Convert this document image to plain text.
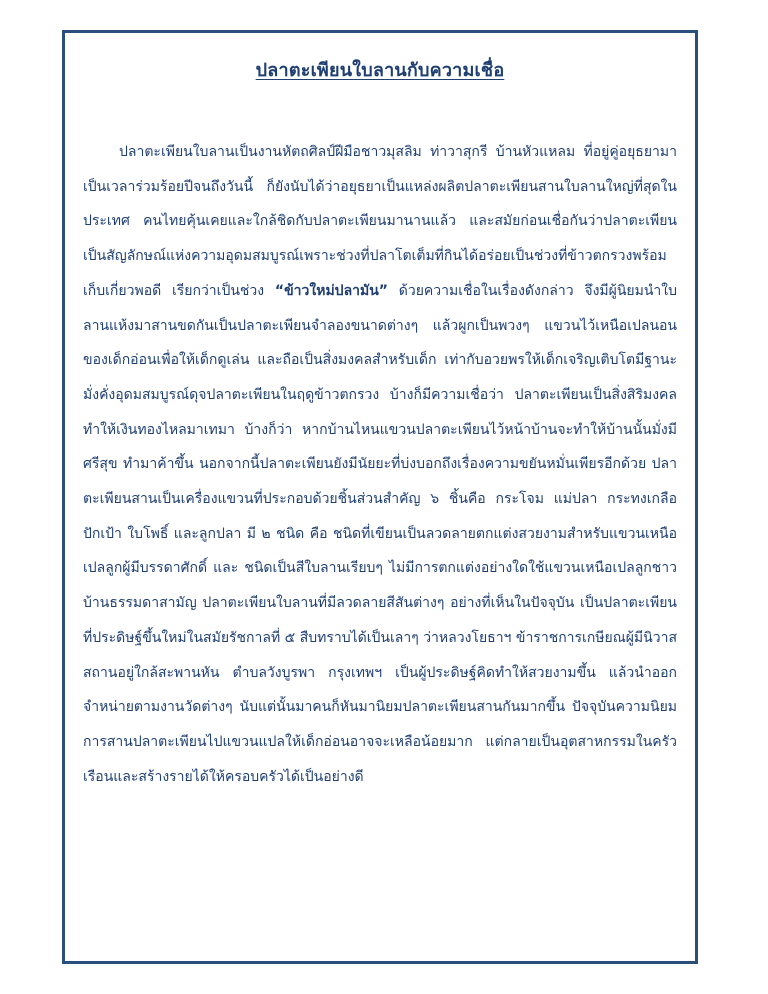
ปลาตะเพียนใบลานกับความเชื่อ

ปลาตะเพียนใบลานเป็นงานหัตถศิลป์ฝีมือชาวมุสลิม ท่าวาสุกรี บ้านหัวแหลม ที่อยู่คู่อยุธยามาเป็นเวลาร่วมร้อยปีจนถึงวันนี้ ก็ยังนับได้ว่าอยุธยาเป็นแหล่งผลิตปลาตะเพียนสานใบลานใหญ่ที่สุดในประเทศ คนไทยคุ้นเคยและใกล้ชิดกับปลาตะเพียนมานานแล้ว และสมัยก่อนเชื่อกันว่าปลาตะเพียนเป็นสัญลักษณ์แห่งความอุดมสมบูรณ์เพราะช่วงที่ปลาโตเต็มที่กินได้อร่อยเป็นช่วงที่ข้าวตกรวงพร้อมเก็บเกี่ยวพอดี เรียกว่าเป็นช่วง “ข้าวใหม่ปลามัน” ด้วยความเชื่อในเรื่องดังกล่าว จึงมีผู้นิยมนำใบลานแห้งมาสานขดกันเป็นปลาตะเพียนจำลองขนาดต่างๆ แล้วผูกเป็นพวงๆ แขวนไว้เหนือเปลนอนของเด็กอ่อนเพื่อให้เด็กดูเล่น และถือเป็นสิ่งมงคลสำหรับเด็ก เท่ากับอวยพรให้เด็กเจริญเติบโตมีฐานะมั่งคั่งอุดมสมบูรณ์ดุจปลาตะเพียนในฤดูข้าวตกรวง บ้างก็มีความเชื่อว่า ปลาตะเพียนเป็นสิ่งสิริมงคล ทำให้เงินทองไหลมาเทมา บ้างก็ว่า หากบ้านไหนแขวนปลาตะเพียนไว้หน้าบ้านจะทำให้บ้านนั้นมั่งมีศรีสุข ทำมาค้าขึ้น นอกจากนี้ปลาตะเพียนยังมีนัยยะที่บ่งบอกถึงเรื่องความขยันหมั่นเพียรอีกด้วย ปลาตะเพียนสานเป็นเครื่องแขวนที่ประกอบด้วยชิ้นส่วนสำคัญ ๖ ชิ้นคือ กระโจม แม่ปลา กระทงเกลือ ปักเป้า ใบโพธิ์ และลูกปลา มี ๒ ชนิด คือ ชนิดที่เขียนเป็นลวดลายตกแต่งสวยงามสำหรับแขวนเหนือเปลลูกผู้มีบรรดาศักดิ์ และ ชนิดเป็นสีใบลานเรียบๆ ไม่มีการตกแต่งอย่างใดใช้แขวนเหนือเปลลูกชาวบ้านธรรมดาสามัญ ปลาตะเพียนใบลานที่มีลวดลายสีสันต่างๆ อย่างที่เห็นในปัจจุบัน เป็นปลาตะเพียนที่ประดิษฐ์ขึ้นใหม่ในสมัยรัชกาลที่ ๕ สืบทราบได้เป็นเลาๆ ว่าหลวงโยธาฯ ข้าราชการเกษียณผู้มีนิวาสสถานอยู่ใกล้สะพานหัน ตำบลวังบูรพา กรุงเทพฯ เป็นผู้ประดิษฐ์คิดทำให้สวยงามขึ้น แล้วนำออกจำหน่ายตามงานวัดต่างๆ นับแต่นั้นมาคนก็หันมานิยมปลาตะเพียนสานกันมากขึ้น ปัจจุบันความนิยมการสานปลาตะเพียนไปแขวนแปลให้เด็กอ่อนอาจจะเหลือน้อยมาก แต่กลายเป็นอุตสาหกรรมในครัวเรือนและสร้างรายได้ให้ครอบครัวได้เป็นอย่างดี
